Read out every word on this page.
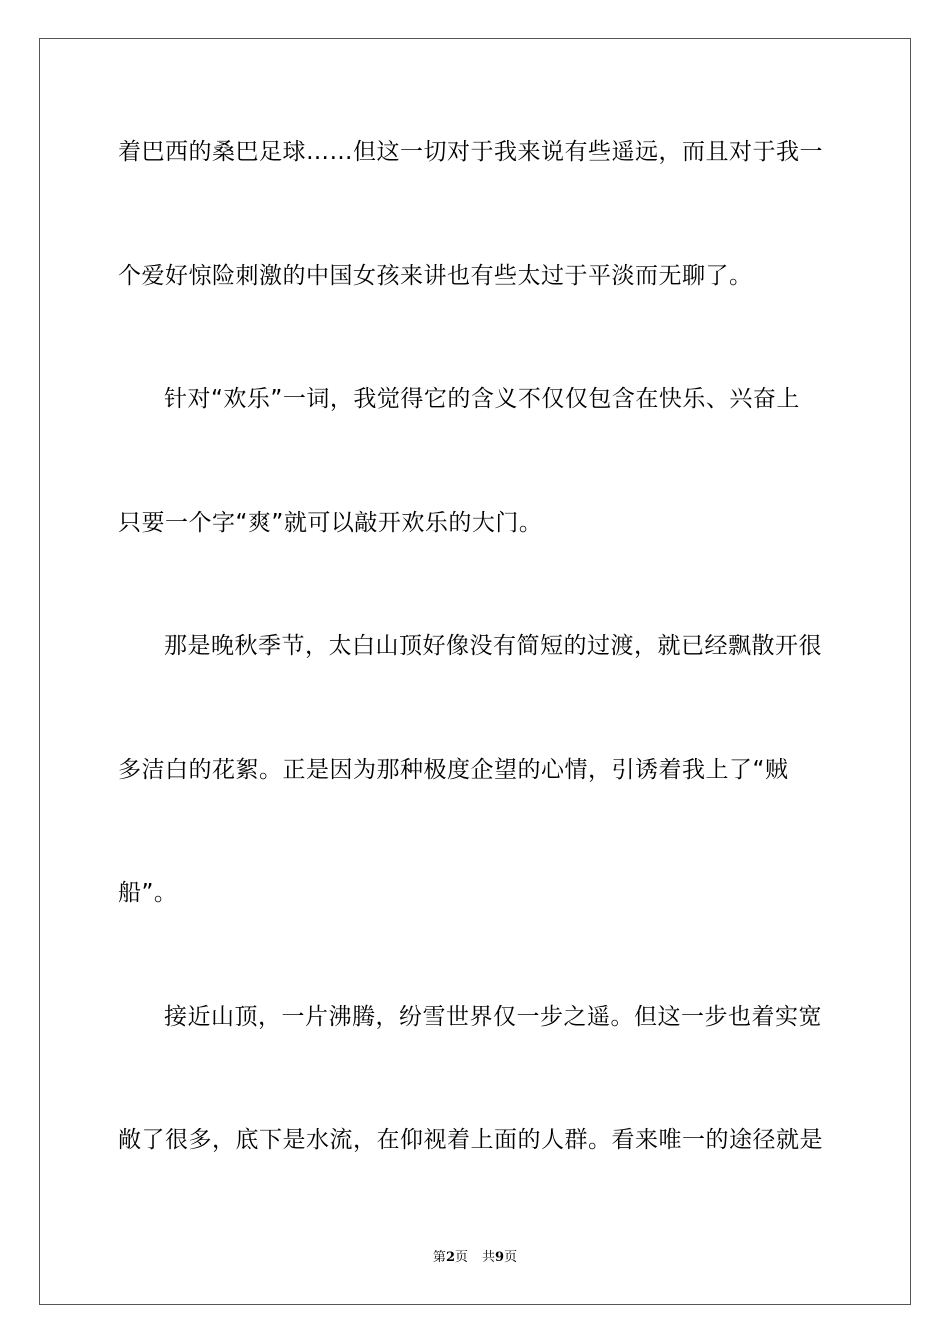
着巴西的桑巴足球……但这一切对于我来说有些遥远，而且对于我一
个爱好惊险刺激的中国女孩来讲也有些太过于平淡而无聊了。
针对“欢乐”一词，我觉得它的含义不仅仅包含在快乐、兴奋上
只要一个字“爽”就可以敲开欢乐的大门。
那是晚秋季节，太白山顶好像没有简短的过渡，就已经飘散开很
多洁白的花絮。正是因为那种极度企望的心情，引诱着我上了“贼
船”。
接近山顶，一片沸腾，纷雪世界仅一步之遥。但这一步也着实宽
敞了很多，底下是水流，在仰视着上面的人群。看来唯一的途径就是
第2页 共9页
